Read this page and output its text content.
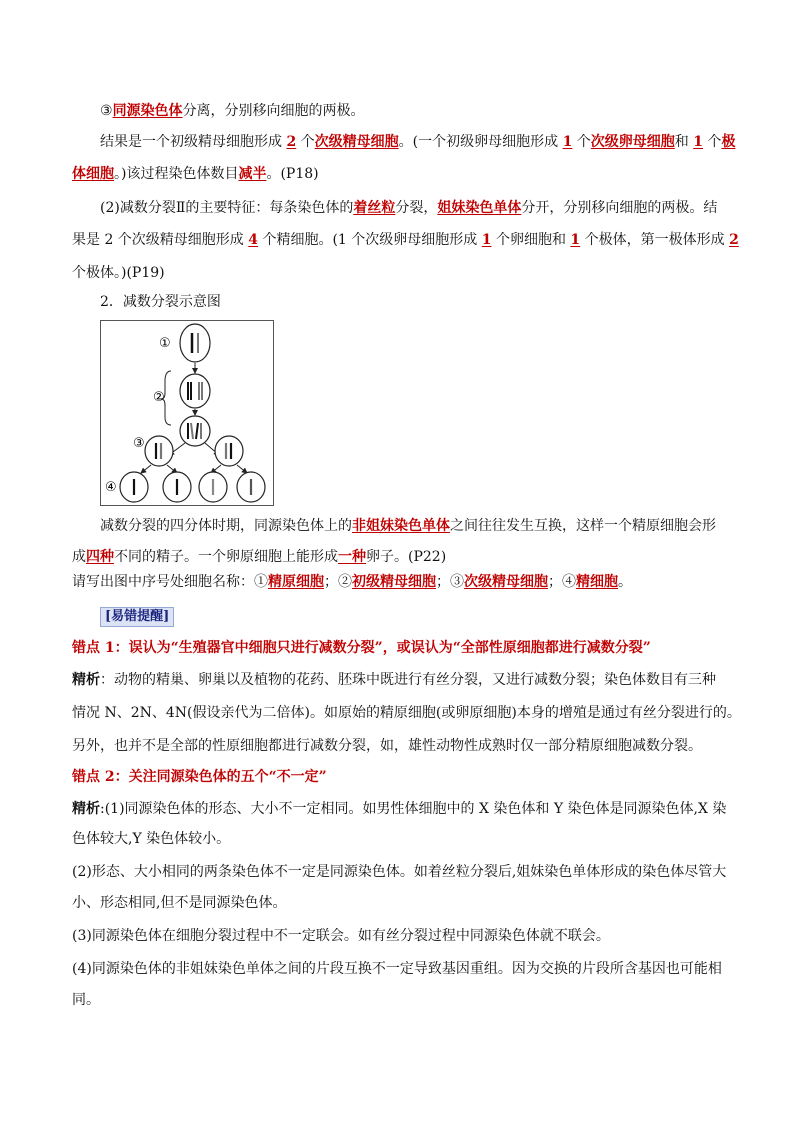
③同源染色体分离，分别移向细胞的两极。
结果是一个初级精母细胞形成 2 个次级精母细胞。(一个初级卵母细胞形成 1 个次级卵母细胞和 1 个极
体细胞。)该过程染色体数目减半。(P18)
(2)减数分裂Ⅱ的主要特征：每条染色体的着丝粒分裂，姐妹染色单体分开，分别移向细胞的两极。结
果是 2 个次级精母细胞形成 4 个精细胞。(1 个次级卵母细胞形成 1 个卵细胞和 1 个极体，第一极体形成 2
个极体。)(P19)
2．减数分裂示意图
①
②
③
④
减数分裂的四分体时期，同源染色体上的非姐妹染色单体之间往往发生互换，这样一个精原细胞会形
成四种不同的精子。一个卵原细胞上能形成一种卵子。(P22)
请写出图中序号处细胞名称：①精原细胞；②初级精母细胞；③次级精母细胞；④精细胞。
[易错提醒]
错点 1：误认为“生殖器官中细胞只进行减数分裂”，或误认为“全部性原细胞都进行减数分裂”
精析：动物的精巢、卵巢以及植物的花药、胚珠中既进行有丝分裂，又进行减数分裂；染色体数目有三种
情况 N、2N、4N(假设亲代为二倍体)。如原始的精原细胞(或卵原细胞)本身的增殖是通过有丝分裂进行的。
另外，也并不是全部的性原细胞都进行减数分裂，如，雄性动物性成熟时仅一部分精原细胞减数分裂。
错点 2：关注同源染色体的五个“不一定”
精析:(1)同源染色体的形态、大小不一定相同。如男性体细胞中的 X 染色体和 Y 染色体是同源染色体,X 染
色体较大,Y 染色体较小。
(2)形态、大小相同的两条染色体不一定是同源染色体。如着丝粒分裂后,姐妹染色单体形成的染色体尽管大
小、形态相同,但不是同源染色体。
(3)同源染色体在细胞分裂过程中不一定联会。如有丝分裂过程中同源染色体就不联会。
(4)同源染色体的非姐妹染色单体之间的片段互换不一定导致基因重组。因为交换的片段所含基因也可能相
同。
